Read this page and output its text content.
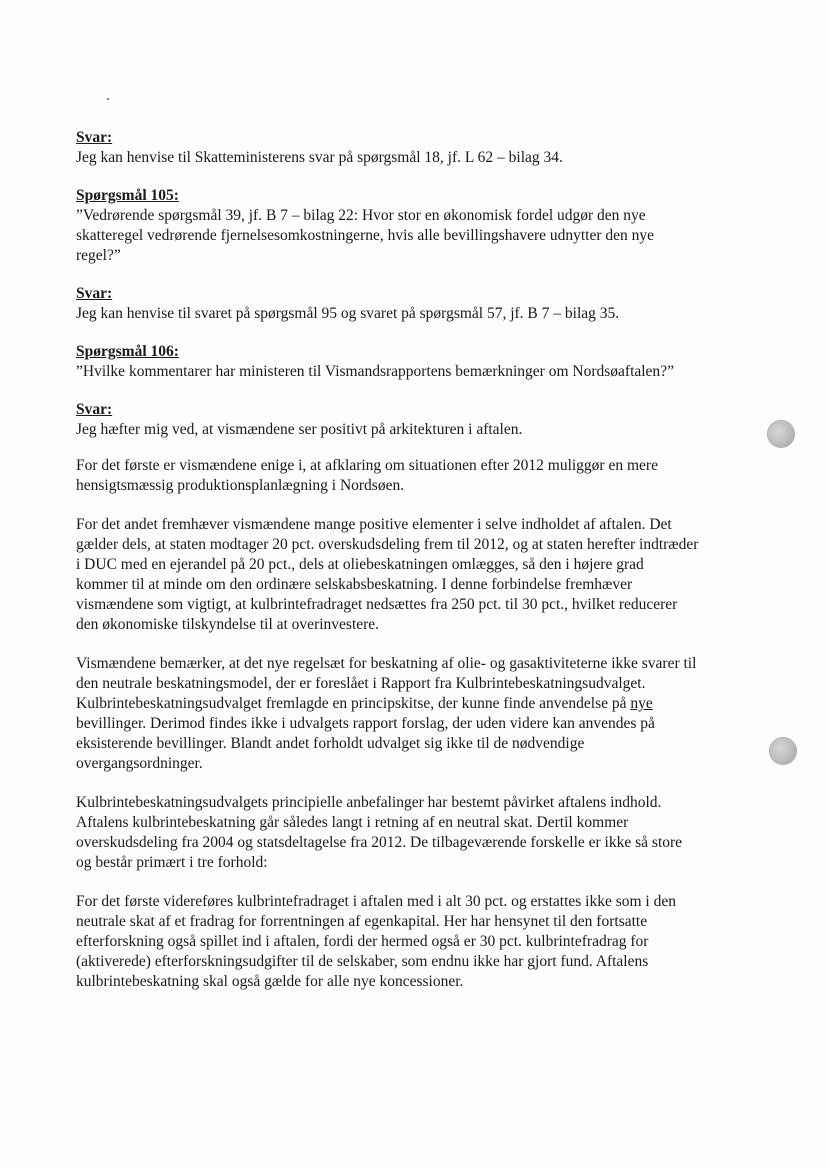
Svar:

Jeg kan henvise til Skatteministerens svar på spørgsmål 18, jf. L 62 – bilag 34.

Spørgsmål 105:

”Vedrørende spørgsmål 39, jf. B 7 – bilag 22: Hvor stor en økonomisk fordel udgør den nye
skatteregel vedrørende fjernelsesomkostningerne, hvis alle bevillingshavere udnytter den nye
regel?”

Svar:

Jeg kan henvise til svaret på spørgsmål 95 og svaret på spørgsmål 57, jf. B 7 – bilag 35.

Spørgsmål 106:

”Hvilke kommentarer har ministeren til Vismandsrapportens bemærkninger om Nordsøaftalen?”

Svar:

Jeg hæfter mig ved, at vismændene ser positivt på arkitekturen i aftalen.

For det første er vismændene enige i, at afklaring om situationen efter 2012 muliggør en mere
hensigtsmæssig produktionsplanlægning i Nordsøen.

For det andet fremhæver vismændene mange positive elementer i selve indholdet af aftalen. Det
gælder dels, at staten modtager 20 pct. overskudsdeling frem til 2012, og at staten herefter indtræder
i DUC med en ejerandel på 20 pct., dels at oliebeskatningen omlægges, så den i højere grad
kommer til at minde om den ordinære selskabsbeskatning. I denne forbindelse fremhæver
vismændene som vigtigt, at kulbrintefradraget nedsættes fra 250 pct. til 30 pct., hvilket reducerer
den økonomiske tilskyndelse til at overinvestere.

Vismændene bemærker, at det nye regelsæt for beskatning af olie- og gasaktiviteterne ikke svarer til
den neutrale beskatningsmodel, der er foreslået i Rapport fra Kulbrintebeskatningsudvalget.
Kulbrintebeskatningsudvalget fremlagde en principskitse, der kunne finde anvendelse på nye
bevillinger. Derimod findes ikke i udvalgets rapport forslag, der uden videre kan anvendes på
eksisterende bevillinger. Blandt andet forholdt udvalget sig ikke til de nødvendige
overgangsordninger.

Kulbrintebeskatningsudvalgets principielle anbefalinger har bestemt påvirket aftalens indhold.
Aftalens kulbrintebeskatning går således langt i retning af en neutral skat. Dertil kommer
overskudsdeling fra 2004 og statsdeltagelse fra 2012. De tilbageværende forskelle er ikke så store
og består primært i tre forhold:

For det første videreføres kulbrintefradraget i aftalen med i alt 30 pct. og erstattes ikke som i den
neutrale skat af et fradrag for forrentningen af egenkapital. Her har hensynet til den fortsatte
efterforskning også spillet ind i aftalen, fordi der hermed også er 30 pct. kulbrintefradrag for
(aktiverede) efterforskningsudgifter til de selskaber, som endnu ikke har gjort fund. Aftalens
kulbrintebeskatning skal også gælde for alle nye koncessioner.
